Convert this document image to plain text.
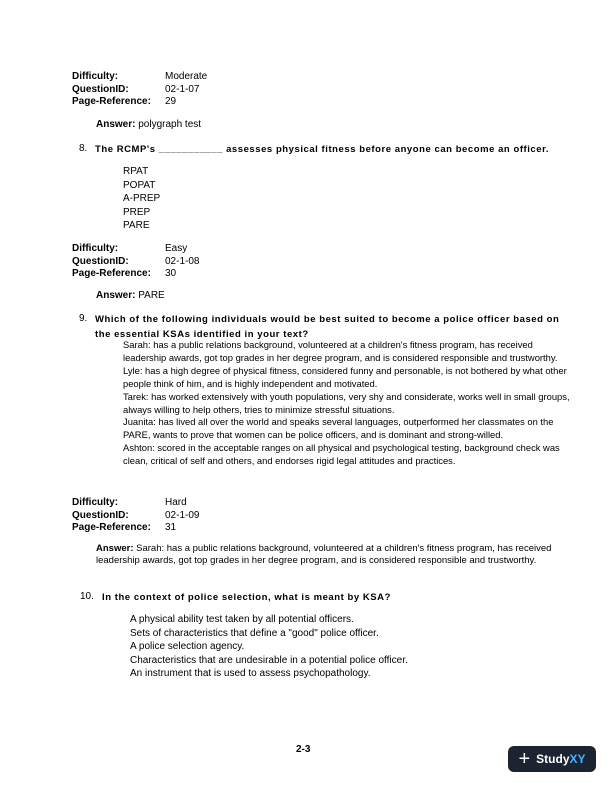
Difficulty:	Moderate
QuestionID:	02-1-07
Page-Reference:	29
Answer: polygraph test
8. The RCMP's ___________ assesses physical fitness before anyone can become an officer.
RPAT
POPAT
A-PREP
PREP
PARE
Difficulty:	Easy
QuestionID:	02-1-08
Page-Reference:	30
Answer: PARE
9. Which of the following individuals would be best suited to become a police officer based on
the essential KSAs identified in your text?
Sarah: has a public relations background, volunteered at a children's fitness program, has received leadership awards, got top grades in her degree program, and is considered responsible and trustworthy.
Lyle: has a high degree of physical fitness, considered funny and personable, is not bothered by what other people think of him, and is highly independent and motivated.
Tarek: has worked extensively with youth populations, very shy and considerate, works well in small groups, always willing to help others, tries to minimize stressful situations.
Juanita: has lived all over the world and speaks several languages, outperformed her classmates on the PARE, wants to prove that women can be police officers, and is dominant and strong-willed.
Ashton: scored in the acceptable ranges on all physical and psychological testing, background check was clean, critical of self and others, and endorses rigid legal attitudes and practices.
Difficulty:	Hard
QuestionID:	02-1-09
Page-Reference:	31
Answer: Sarah: has a public relations background, volunteered at a children's fitness program, has received leadership awards, got top grades in her degree program, and is considered responsible and trustworthy.
10. In the context of police selection, what is meant by KSA?
A physical ability test taken by all potential officers.
Sets of characteristics that define a "good" police officer.
A police selection agency.
Characteristics that are undesirable in a potential police officer.
An instrument that is used to assess psychopathology.
2-3	+ StudyXY
